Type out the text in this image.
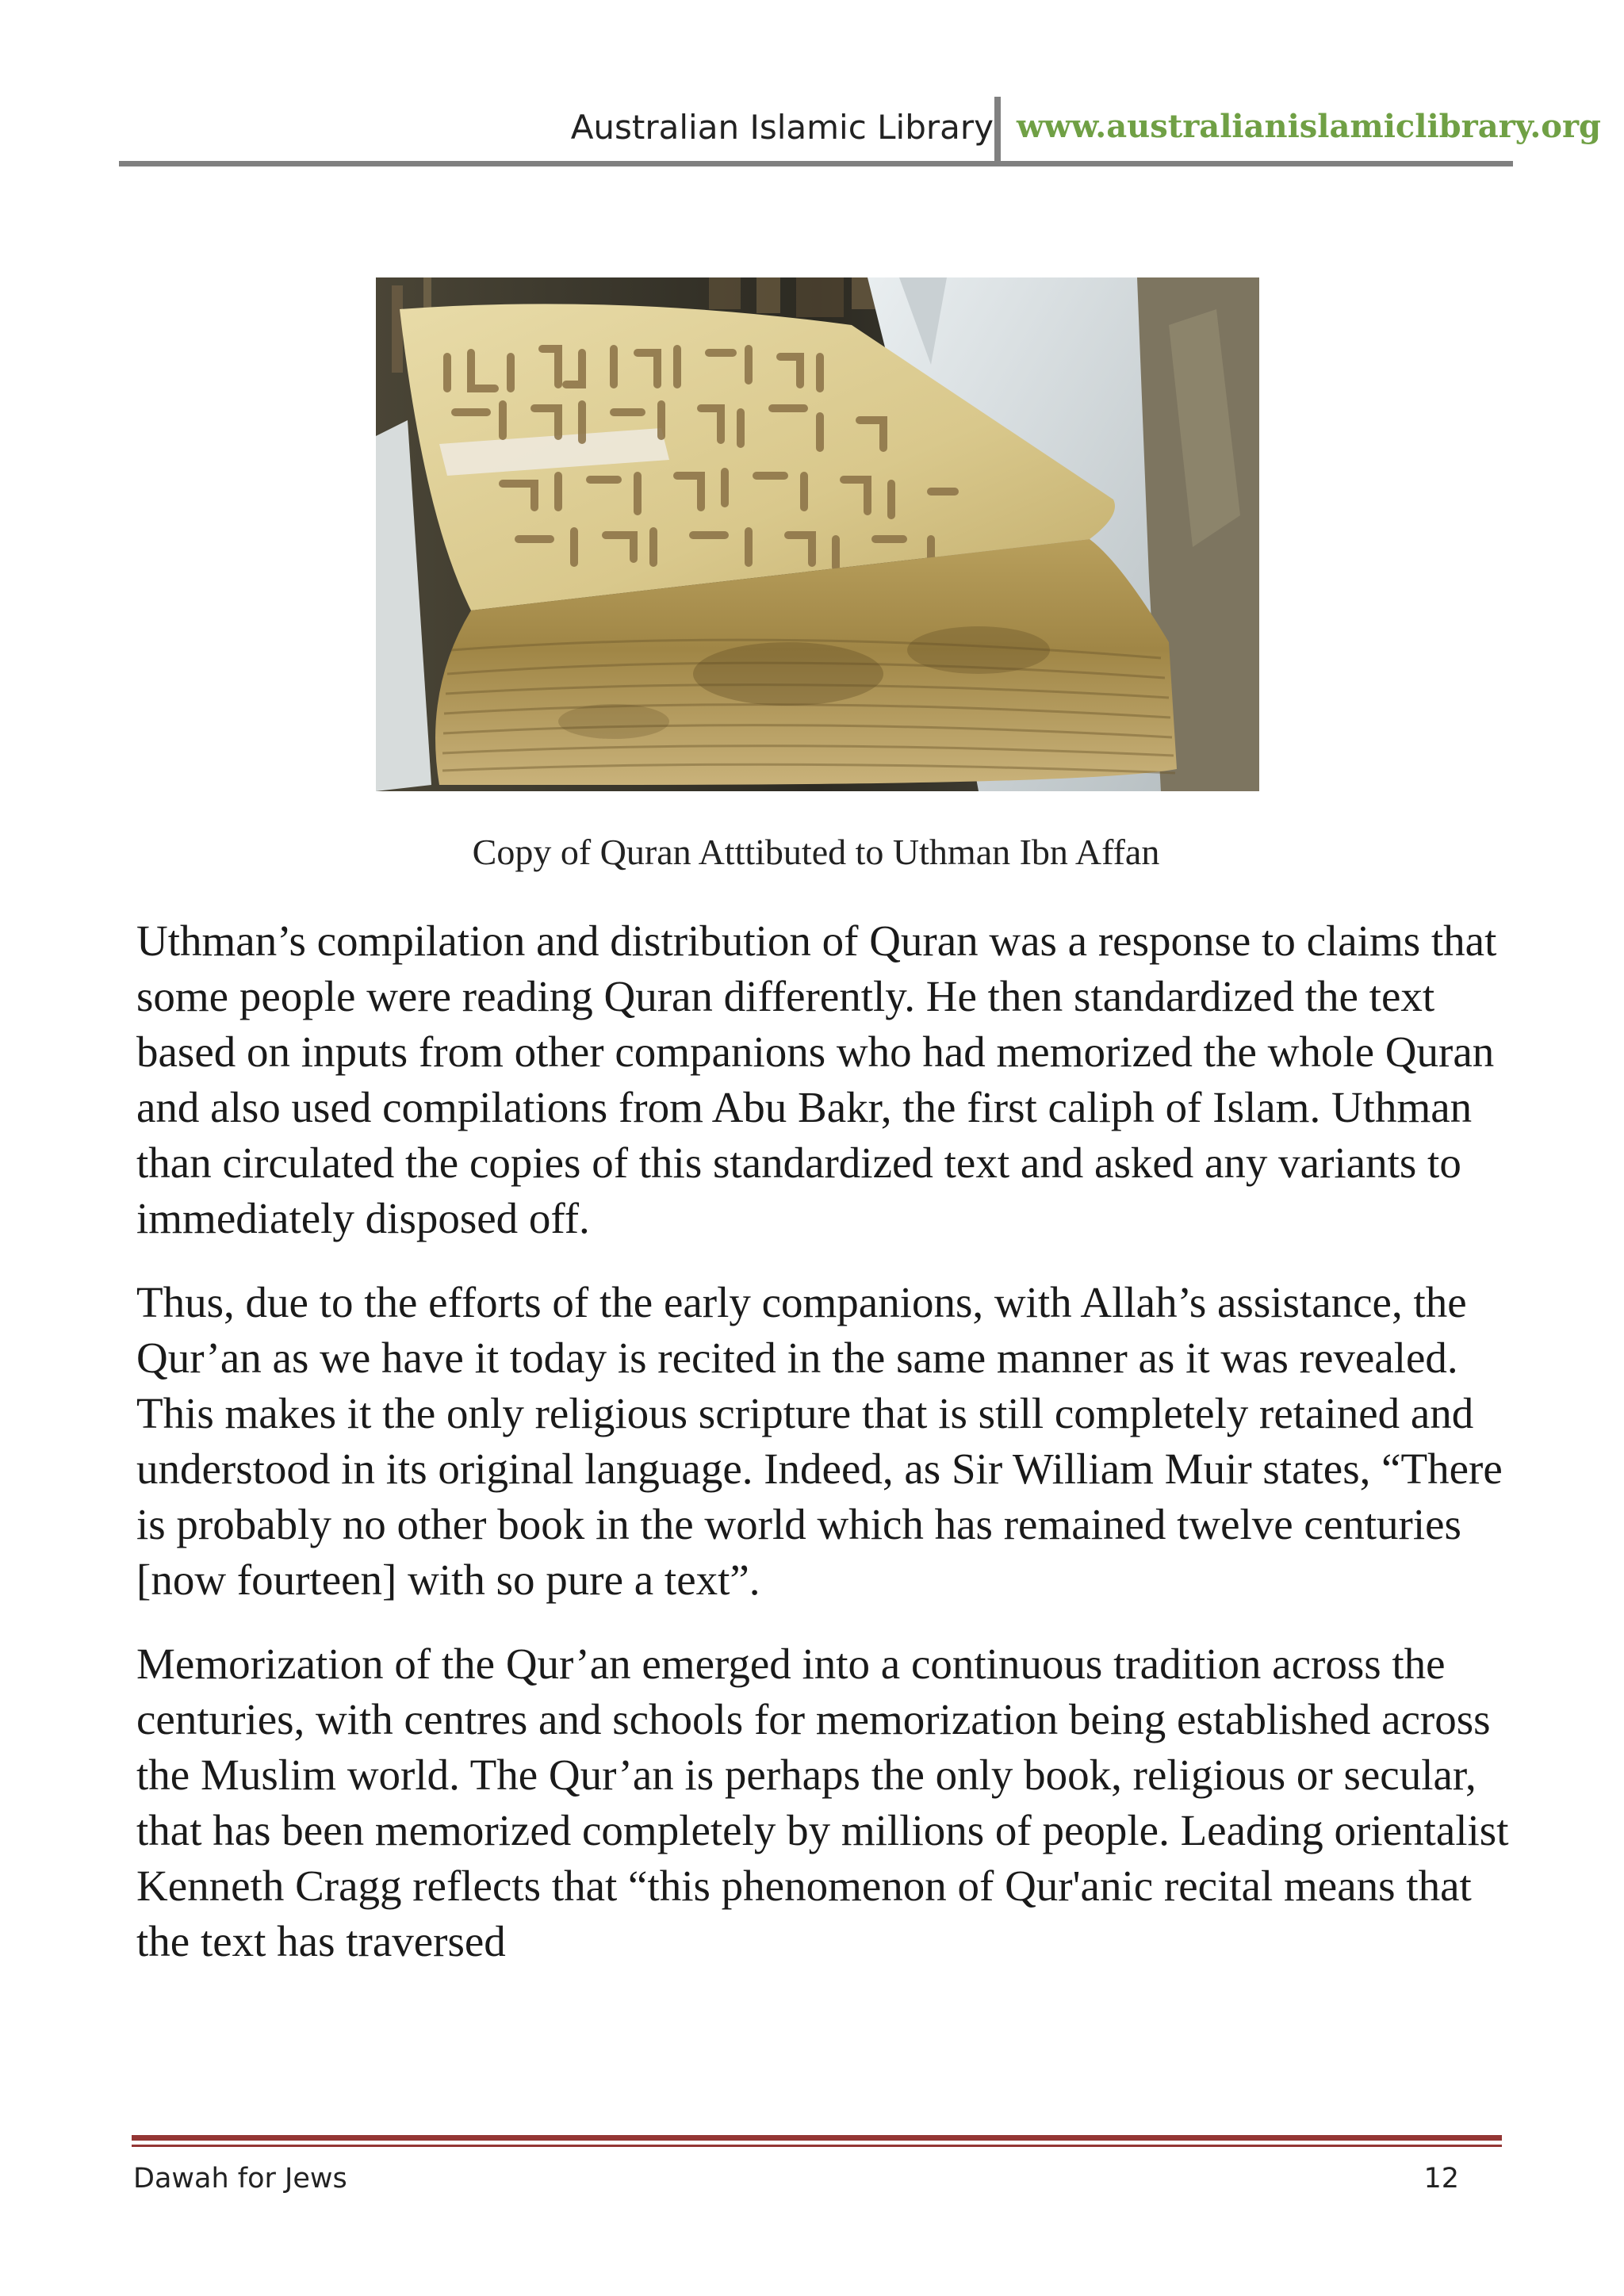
Australian Islamic Library www.australianislamiclibrary.org
Copy of Quran Atttibuted to Uthman Ibn Affan

Uthman’s compilation and distribution of Quran was a response to claims that some people were reading Quran differently. He then standardized the text based on inputs from other companions who had memorized the whole Quran and also used compilations from Abu Bakr, the first caliph of Islam. Uthman than circulated the copies of this standardized text and asked any variants to immediately disposed off.

Thus, due to the efforts of the early companions, with Allah’s assistance, the Qur’an as we have it today is recited in the same manner as it was revealed. This makes it the only religious scripture that is still completely retained and understood in its original language. Indeed, as Sir William Muir states, “There is probably no other book in the world which has remained twelve centuries [now fourteen] with so pure a text”.

Memorization of the Qur’an emerged into a continuous tradition across the centuries, with centres and schools for memorization being established across the Muslim world. The Qur’an is perhaps the only book, religious or secular, that has been memorized completely by millions of people. Leading orientalist Kenneth Cragg reflects that “this phenomenon of Qur'anic recital means that the text has traversed

Dawah for Jews	12
